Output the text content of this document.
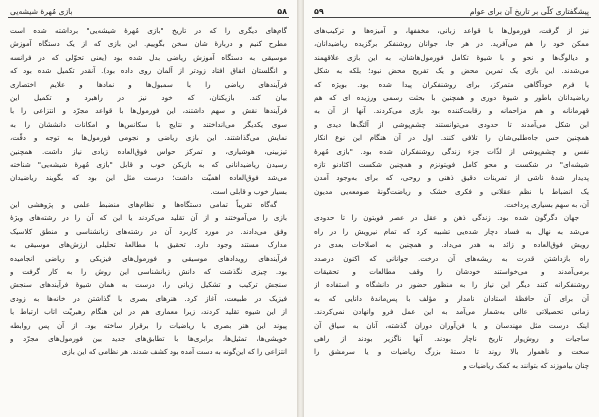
پیشگفتاری کلّی بر تاریخ آن برای عوام
۵۹
نیز از گرفت، فورمول‌ها با قواعد زبانی، مخففها، و آمیزه‌ها و ترکیب‌های
ممکن خود را هم می‌آفرید. در هر جا، جوانان روشنفکر برگزیده ریاضیدانان،
و دیالوگ‌ها و نحو و با شیوهٔ تکامل فورمول‌هاشان، به این بازی علاقهمند
می‌شدند. این بازی یک تمرین محض و یک تفریح محض نبود؛ بلکه به شکل
یا فرم خودآگاهی متمرکز، برای روشنفکران پیدا شده بود. بویژه که
ریاضیدانان باطور و شیوهٔ دوری و همچنین با بحثت رسمی ورزیده ای که هم
قهرمانانه و هم مزاحمانه و رقابت‌کننده بود بازی می‌کردند. آنها از آن به
این شکل می‌آمدند تا حدودی می‌توانستند چشم‌پوشی از آلتگ‌ها دیدی و
همچنین حس جاه‌طلبی‌شان را تلافی کنند. اول در آن هنگام این نوع انکار
نفس و چشم‌پوشی از لذّات جزء زندگی روشنفکران شده بود. "بازی مُهرهٔ
شیشه‌ای" در شکست و محو کامل فویتونزم و همچنین شکست اکثادنو تازه
پدیدار شدهٔ ناشی از تمرینات دقیق ذهنی و روحی، که برای به‌وجود آمدن
یک انضباط با نظم عقلانی و فکری خشک و ریاضت‌گونهٔ صومعه‌یی مدیون
آن، به سهم بسیاری پرداخت.
جهان دگرگون شده بود. زندگی ذهن و عقل در عصر فویتون را تا حدودی
می‌شد به نهال به فساد دچار شده‌یی تشبیه کرد که تمام نیرویش را در راه
رویش فوق‌العاده و زائد به هدر می‌داد. و همچنین به اصلاحات بعدی در
راه بازداشتن قدرت به ریشه‌های آن درخت. جوانانی که اکنون درصدد
برمی‌آمدند و می‌خواستند خودشان را وقف مطالعات و تحقیقات
روشنفکرانه کنند دیگر این نیاز را به منظور حضور در دانشگاه و استفاده از
آن برای آن حافظهٔ استادان نامدار و مؤلف با پس‌ماندهٔ دانایی که به
زمانی تحصیلاتی عالی به‌شمار می‌آمد به این عمل فرو وانهادن نمی‌کردند.
اینک درست مثل مهندسان و یا فن‌آوران دوران گذشته، آنان به سیاق آن
ساجیات و روش‌وار تاریخ ناچار بودند. آنها ناگزیر بودند از راهی
سخت و ناهموار بالا روند تا دستهٔ بزرگ ریاضیات و یا سرمشق را
چنان بیاموزند که بتوانند به کمک ریاضیات و
۵۸
بازی مُهرهٔ شیشه‌یی
گام‌های دیگری را که در تاریخ "بازی مُهرهٔ شیشه‌یی" برداشته شده است
مطرح کنیم و دربارهٔ شان سخن بگوییم. این بازی که از یک دستگاه آموزش
موسیقی به دستگاه آموزش ریاضی بدل شده بود (یعنی تحوّلی که در فرانسه
و انگلستان اتفاق افتاد زودتر از آلمان روی داده بود). آنقدر تکمیل شده بود که
فرآیندهای ریاضی را با سمبول‌ها و نمادها و علایم اختصاری
بیان کند. بازیکنان، که خود نیز در راهبرد و تکمیل این
فرآیندها نقش و سهم داشتند، این فورمول‌ها با قواعد مجرّد و انتزاعی را با
سوی یکدیگر می‌انداختند و نتایج با سکانس‌ها و امکانات دانششان را به
نمایش می‌گذاشتند. این بازی ریاضی و نجومی فورمول‌ها به توجه و دقّت،
تیزبینی، هوشیاری، و تمرکز حواس فوق‌العاده زیادی نیاز داشت. همچنین
رسیدن ریاضیدانانی که به بازیکن خوب و قابل "بازی مُهرهٔ شیشه‌یی" شناخته
می‌شد فوق‌العاده اهمیّت داشت؛ درست مثل این بود که بگویند ریاضیدان
بسیار خوب و قابلی است.
گه‌گاه تقریباً تمامی دستگاه‌ها و نظام‌های منضبط علمی و پژوهشی این
بازی را می‌آموختند و از آن تقلید می‌کردند یا این که آن را در رشته‌های ویژهٔ
وفق می‌دادند. در مورد کاربرد آن در رشته‌های زبانشناسی و منطق کلاسیک
مدارک مستند وجود دارد. تحقیق با مطالعهٔ تحلیلی ارزش‌های موسیقی به
فرآیندهای رویدادهای موسیقی و فورمول‌های فیزیکی و ریاضی انجامیده
بود. چیزی نگذشت که دانش زبانشناسی این روش را به کار گرفت و
سنجش ترکیب و تشکیل زبانی را، درست به همان شیوهٔ فرآیندهای سنجش
فیزیک در طبیعت، آغاز کرد. هنرهای بصری با گذاشتن در خانه‌ها به زودی
از این شیوه تقلید کردند، زیرا معماری هم در این هنگام رهبریّت اتاب ارتباط با
پیوند این هنر بصری با ریاضیات را برقرار ساخته بود. از آن پس روابطه
خویشی‌ها، تمثیل‌ها، برابری‌ها با تطابق‌های جدید بین فورمول‌های مجرّد و
انتزاعی را که این‌گونه به دست آمده بود کشف شدند. هر نظامی که این بازی
